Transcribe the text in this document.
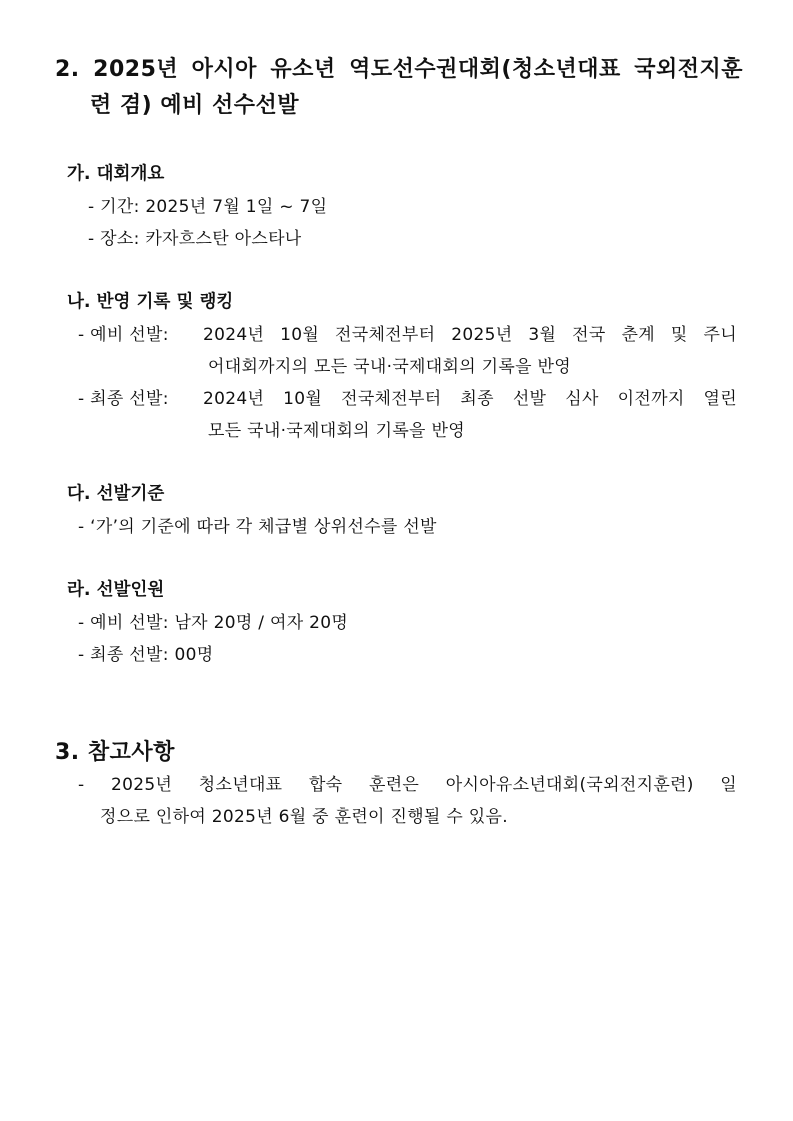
2. 2025년 아시아 유소년 역도선수권대회(청소년대표 국외전지훈
련 겸) 예비 선수선발
가. 대회개요
- 기간: 2025년 7월 1일 ~ 7일
- 장소: 카자흐스탄 아스타나
나. 반영 기록 및 랭킹
- 예비 선발: 2024년 10월 전국체전부터 2025년 3월 전국 춘계 및 주니
어대회까지의 모든 국내·국제대회의 기록을 반영
- 최종 선발: 2024년 10월 전국체전부터 최종 선발 심사 이전까지 열린
모든 국내·국제대회의 기록을 반영
다. 선발기준
- ‘가’의 기준에 따라 각 체급별 상위선수를 선발
라. 선발인원
- 예비 선발: 남자 20명 / 여자 20명
- 최종 선발: 00명
3. 참고사항
- 2025년 청소년대표 합숙 훈련은 아시아유소년대회(국외전지훈련) 일
정으로 인하여 2025년 6월 중 훈련이 진행될 수 있음.
